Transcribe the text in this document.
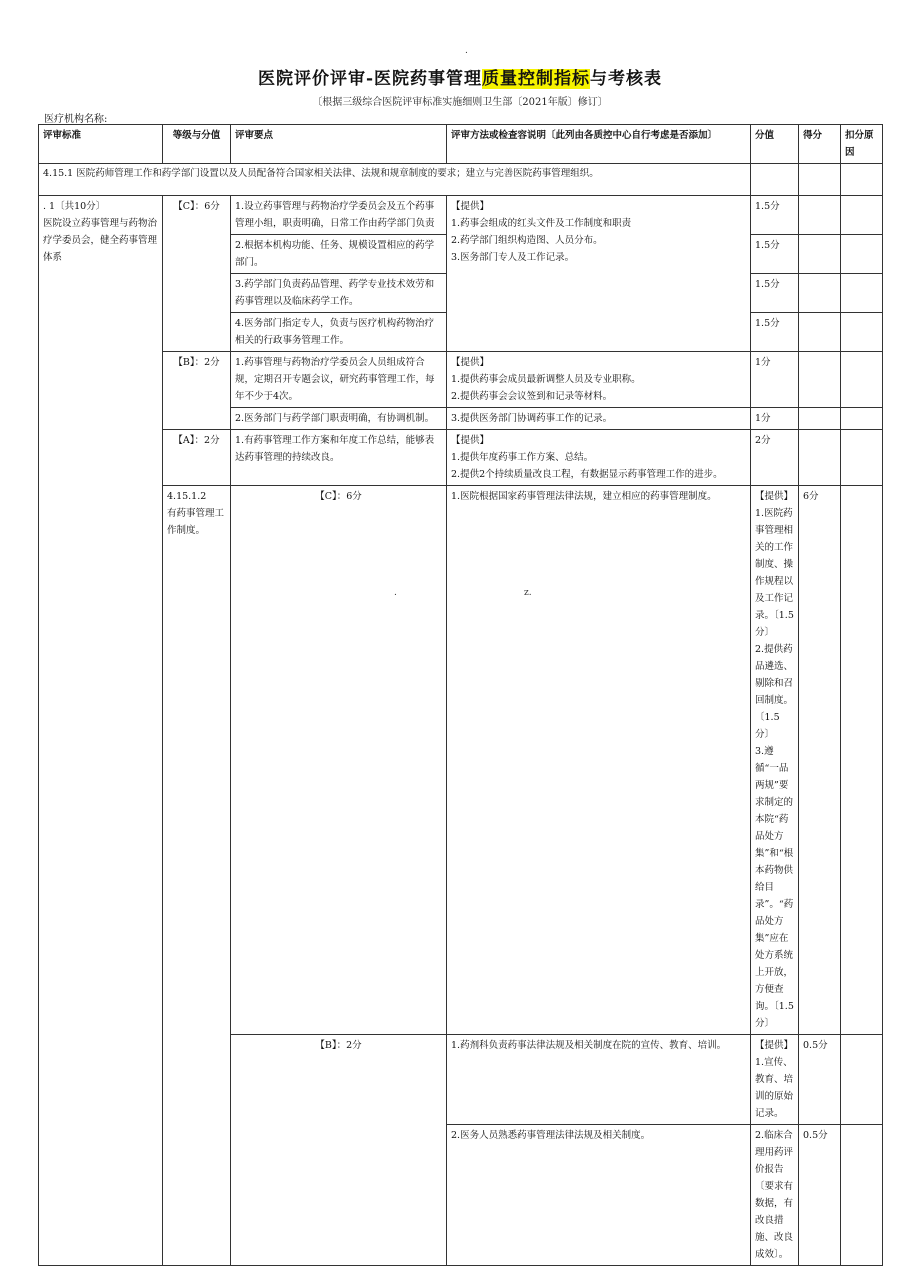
.
医院评价评审-医院药事管理质量控制指标与考核表
〔根据三级综合医院评审标准实施细则卫生部〔2021年版〕修订〕
医疗机构名称:
评审标准	等级与分值	评审要点	评审方法或检查容说明〔此列由各质控中心自行考虑是否添加〕	分值	得分	扣分原因	
4.15.1 医院药师管理工作和药学部门设置以及人员配备符合国家相关法律、法规和规章制度的要求；建立与完善医院药事管理组织。							
. 1〔共10分〕
医院设立药事管理与药物治疗学委员会，健全药事管理体系	【C】：6分	1.设立药事管理与药物治疗学委员会及五个药事管理小组，职责明确，日常工作由药学部门负责	【提供】
1.药事会组成的红头文件及工作制度和职责
2.药学部门组织构造图、人员分布。
3.医务部门专人及工作记录。	1.5分			
		2.根据本机构功能、任务、规模设置相应的药学部门。		1.5分			
		3.药学部门负责药品管理、药学专业技术效劳和药事管理以及临床药学工作。		1.5分			
		4.医务部门指定专人，负责与医疗机构药物治疗相关的行政事务管理工作。		1.5分			
	【B】：2分	1.药事管理与药物治疗学委员会人员组成符合规，定期召开专题会议，研究药事管理工作，每年不少于4次。	【提供】
1.提供药事会成员最新调整人员及专业职称。
2.提供药事会会议签到和记录等材料。	1分			
		2.医务部门与药学部门职责明确，有协调机制。	3.提供医务部门协调药事工作的记录。	1分			
	【A】：2分	1.有药事管理工作方案和年度工作总结，能够表达药事管理的持续改良。	【提供】
1.提供年度药事工作方案、总结。
2.提供2个持续质量改良工程，有数据显示药事管理工作的进步。	2分			
	4.15.1.2
有药事管理工作制度。	【C】：6分	1.医院根据国家药事管理法律法规，建立相应的药事管理制度。	【提供】
1.医院药事管理相关的工作制度、操作规程以及工作记录。〔1.5分〕
2.提供药品遴选、剔除和召回制度。〔1.5分〕
3.遵循“一品两规”要求制定的本院“药品处方集”和“根本药物供给目录”。“药品处方集”应在处方系统上开放，方便查询。〔1.5分〕	6分		
		【B】：2分	1.药剂科负责药事法律法规及相关制度在院的宣传、教育、培训。	【提供】
1.宣传、教育、培训的原始记录。	0.5分		
			2.医务人员熟悉药事管理法律法规及相关制度。	2.临床合理用药评价报告〔要求有数据，有改良措施、改良成效〕。	0.5分		
.	z.
